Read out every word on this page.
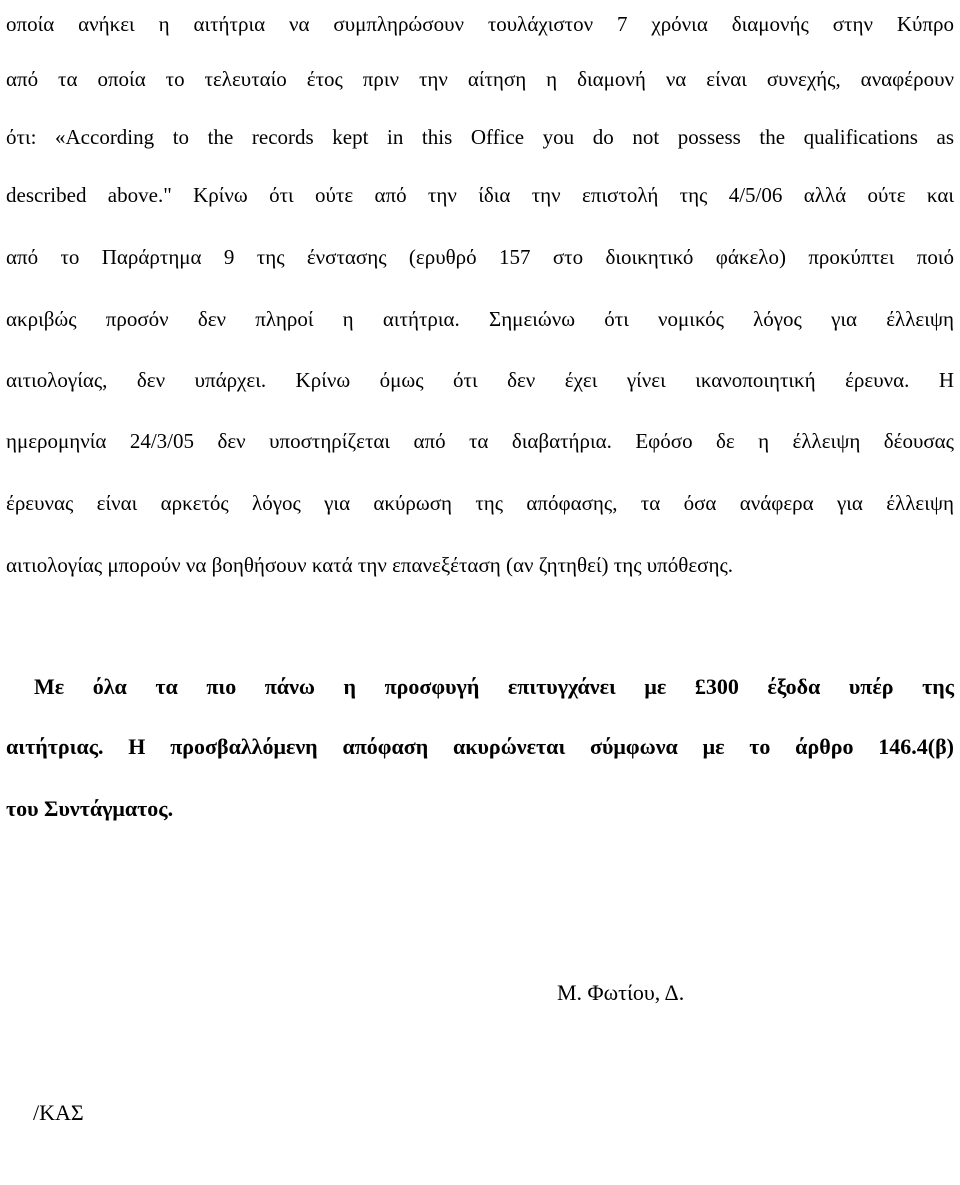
οποία ανήκει η αιτήτρια να συμπληρώσουν τουλάχιστον 7 χρόνια διαμονής στην Κύπρο
από τα οποία το τελευταίο έτος πριν την αίτηση η διαμονή να είναι συνεχής, αναφέρουν
ότι: «According to the records kept in this Office you do not possess the qualifications as
described above." Κρίνω ότι ούτε από την ίδια την επιστολή της 4/5/06 αλλά ούτε και
από το Παράρτημα 9 της ένστασης (ερυθρό 157 στο διοικητικό φάκελο) προκύπτει ποιό
ακριβώς προσόν δεν πληροί η αιτήτρια. Σημειώνω ότι νομικός λόγος για έλλειψη
αιτιολογίας, δεν υπάρχει. Κρίνω όμως ότι δεν έχει γίνει ικανοποιητική έρευνα. Η
ημερομηνία 24/3/05 δεν υποστηρίζεται από τα διαβατήρια. Εφόσο δε η έλλειψη δέουσας
έρευνας είναι αρκετός λόγος για ακύρωση της απόφασης, τα όσα ανάφερα για έλλειψη
αιτιολογίας μπορούν να βοηθήσουν κατά την επανεξέταση (αν ζητηθεί) της υπόθεσης.
Με όλα τα πιο πάνω η προσφυγή επιτυγχάνει με £300 έξοδα υπέρ της
αιτήτριας. Η προσβαλλόμενη απόφαση ακυρώνεται σύμφωνα με το άρθρο 146.4(β)
του Συντάγματος.
Μ. Φωτίου, Δ.
/ΚΑΣ
